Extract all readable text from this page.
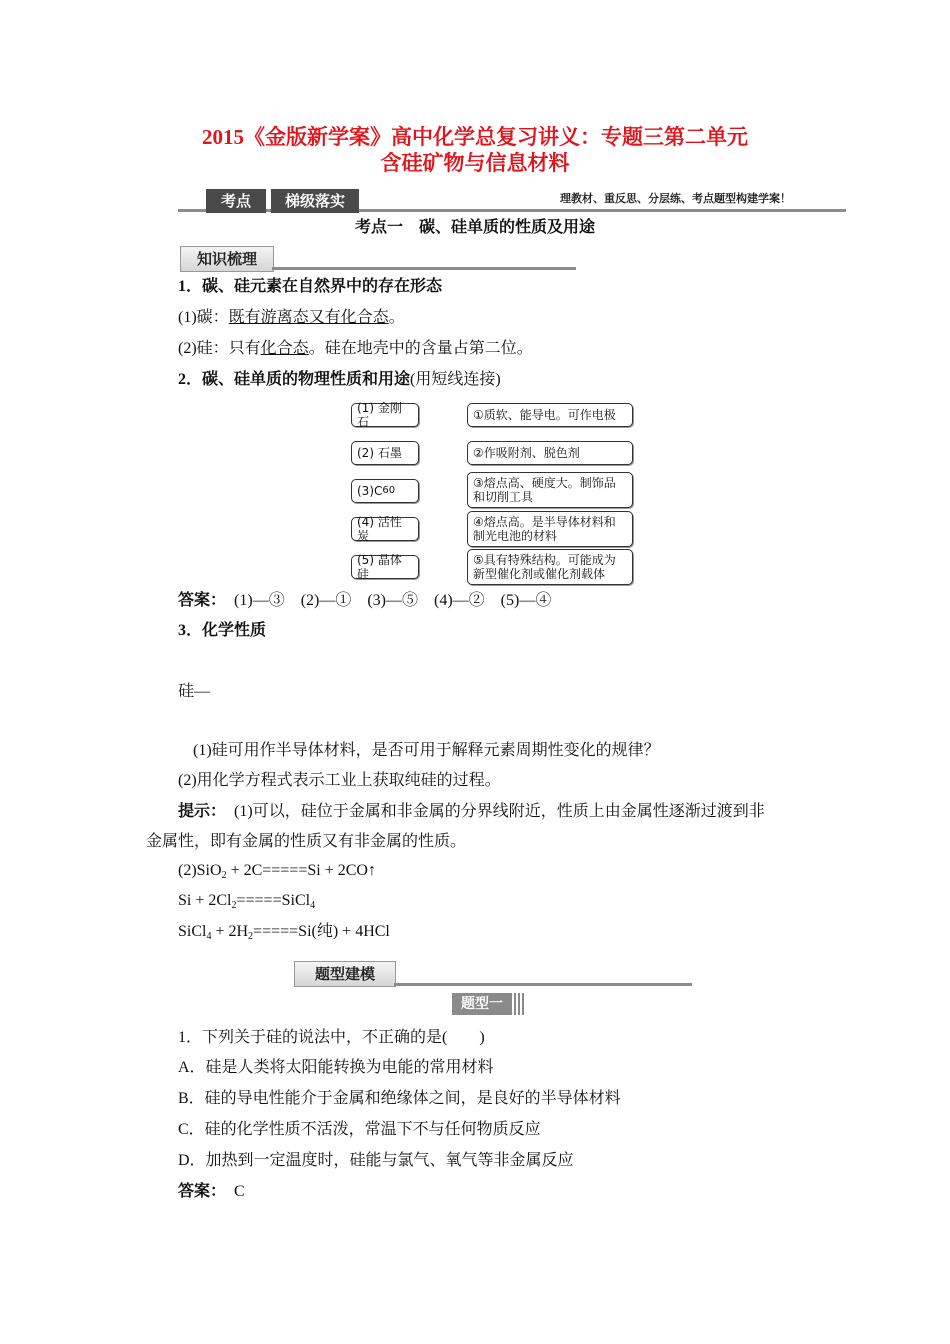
2015《金版新学案》高中化学总复习讲义：专题三第二单元
含硅矿物与信息材料
考点	梯级落实	理教材、重反思、分层练、考点题型构建学案！
考点一　碳、硅单质的性质及用途
知识梳理
1．碳、硅元素在自然界中的存在形态
(1)碳：既有游离态又有化合态。
(2)硅：只有化合态。硅在地壳中的含量占第二位。
2．碳、硅单质的物理性质和用途(用短线连接)
(1) 金刚石
(2) 石墨
(3)C 60
(4) 活性炭
(5) 晶体硅
①质软、能导电。可作电极
②作吸附剂、脱色剂
③熔点高、硬度大。制饰品和切削工具
④熔点高。是半导体材料和制光电池的材料
⑤具有特殊结构。可能成为新型催化剂或催化剂载体
答案：　 (1)—③　(2)—①　(3)—⑤　(4)—②　(5)—④
3．化学性质
硅—
(1)硅可用作半导体材料，是否可用于解释元素周期性变化的规律？
(2)用化学方程式表示工业上获取纯硅的过程。
提示：　 (1)可以，硅位于金属和非金属的分界线附近，性质上由金属性逐渐过渡到非
金属性，即有金属的性质又有非金属的性质。
(2)SiO$_2$ + 2C=====Si + 2CO↑
$Si + 2Cl_2=====SiCl_4$
SiCl$_4$ + $2H_2=====Si$(纯) + 4HCl
题型建模
题型一
1．下列关于硅的说法中，不正确的是(　　)
A．硅是人类将太阳能转换为电能的常用材料
B．硅的导电性能介于金属和绝缘体之间，是良好的半导体材料
C．硅的化学性质不活泼，常温下不与任何物质反应
D．加热到一定温度时，硅能与氯气、氧气等非金属反应
答案：　 C
